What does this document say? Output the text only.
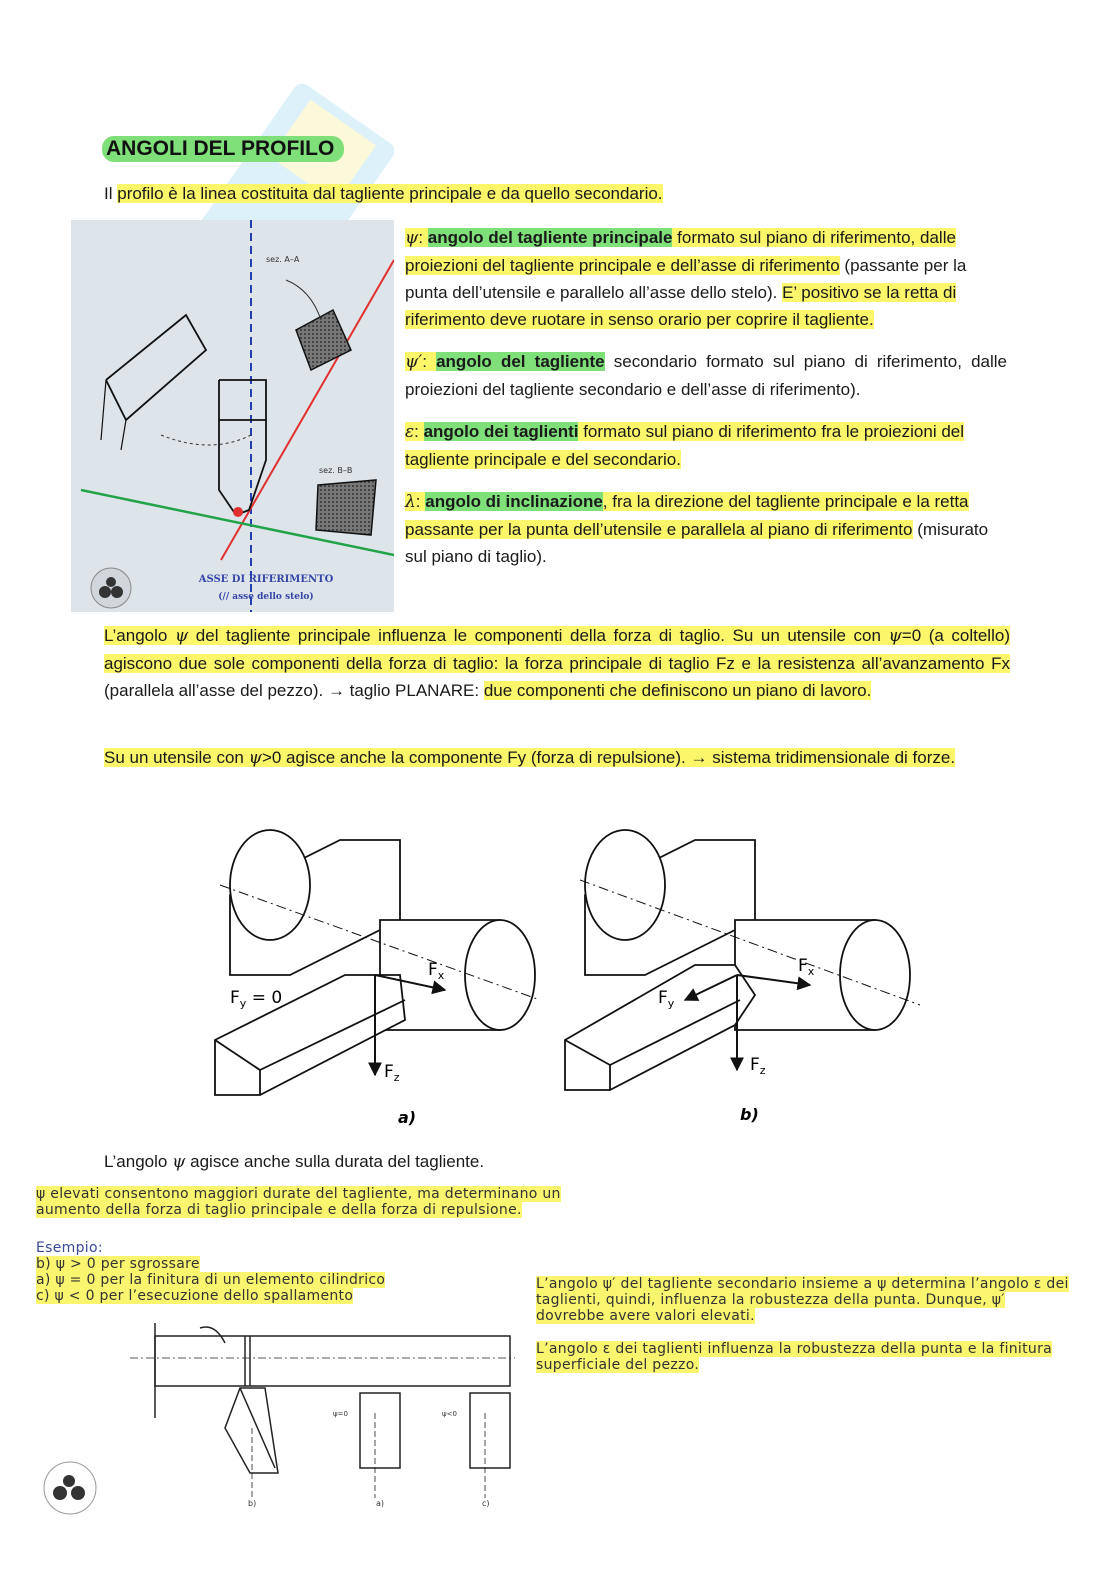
ANGOLI DEL PROFILO
Il profilo è la linea costituita dal tagliente principale e da quello secondario.
sez. A–A
sez. B–B
ASSE DI RIFERIMENTO
(// asse dello stelo)
ψ: angolo del tagliente principale formato sul piano di riferimento, dalle proiezioni del tagliente principale e dell’asse di riferimento (passante per la punta dell’utensile e parallelo all’asse dello stelo). E’ positivo se la retta di riferimento deve ruotare in senso orario per coprire il tagliente.
ψ′: angolo del tagliente secondario formato sul piano di riferimento, dalle proiezioni del tagliente secondario e dell’asse di riferimento).
ε: angolo dei taglienti formato sul piano di riferimento fra le proiezioni del tagliente principale e del secondario.
λ: angolo di inclinazione, fra la direzione del tagliente principale e la retta passante per la punta dell’utensile e parallela al piano di riferimento (misurato sul piano di taglio).
L’angolo ψ del tagliente principale influenza le componenti della forza di taglio. Su un utensile con ψ=0 (a coltello) agiscono due sole componenti della forza di taglio: la forza principale di taglio Fz e la resistenza all’avanzamento Fx (parallela all’asse del pezzo). → taglio PLANARE: due componenti che definiscono un piano di lavoro.
Su un utensile con ψ>0 agisce anche la componente Fy (forza di repulsione). → sistema tridimensionale di forze.
$F_y = 0$
$F_x$
$F_z$
a)
$F_x$
$F_y$
$F_z$
b)
L’angolo ψ agisce anche sulla durata del tagliente.
ψ elevati consentono maggiori durate del tagliente, ma determinano un
aumento della forza di taglio principale e della forza di repulsione.
Esempio:
b) ψ > 0 per sgrossare
a) ψ = 0 per la finitura di un elemento cilindrico
c) ψ < 0 per l’esecuzione dello spallamento
L’angolo ψ′ del tagliente secondario insieme a ψ determina l’angolo ε dei
taglienti, quindi, influenza la robustezza della punta. Dunque, ψ′
dovrebbe avere valori elevati.
L’angolo ε dei taglienti influenza la robustezza della punta e la finitura
superficiale del pezzo.
ψ=0	ψ<0
b)	a)	c)
